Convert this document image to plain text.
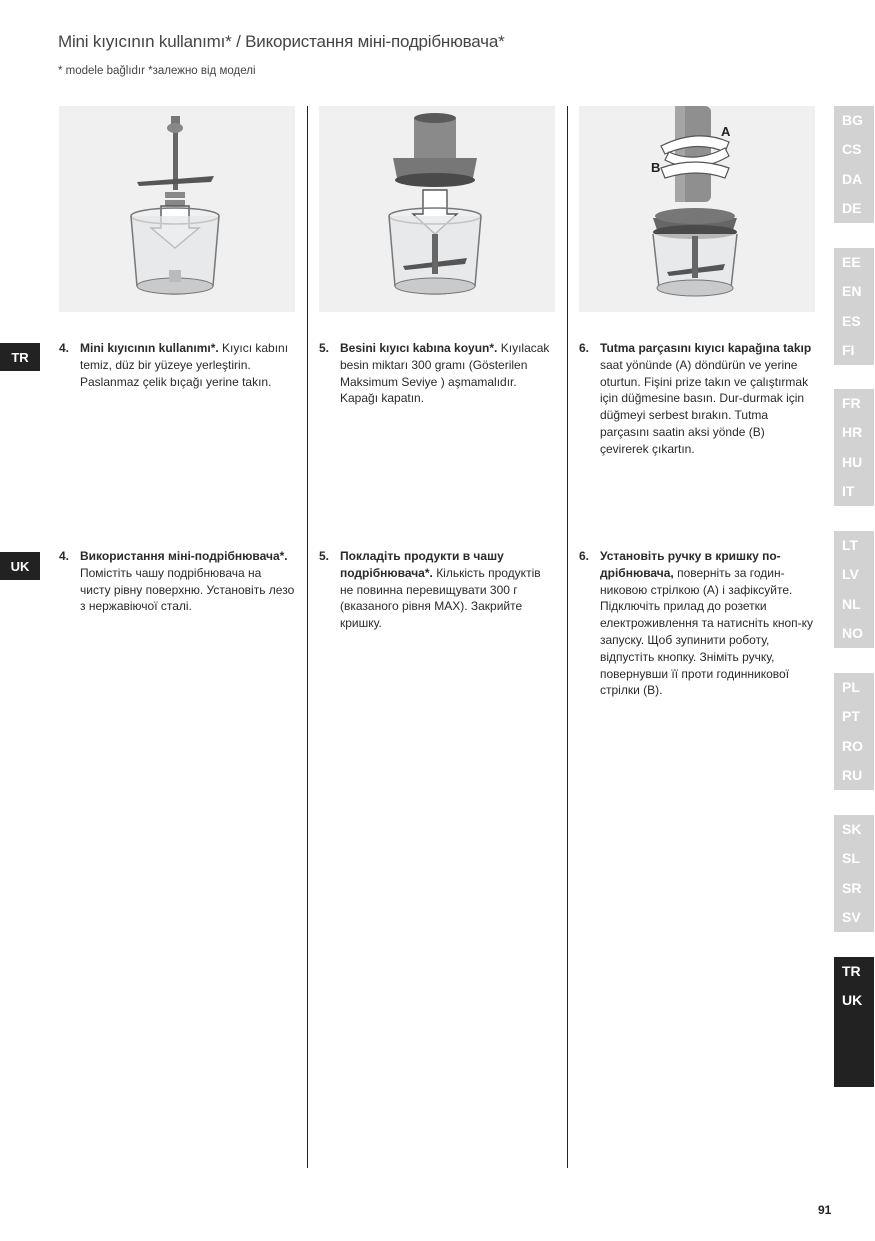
Mini kıyıcının kullanımı* / Використання міні-подрібнювача*
* modele bağlıdır *залежно від моделі
A
B
TR
UK
4. Mini kıyıcının kullanımı*. Kıyıcı kabını temiz, düz bir yüzeye yerleştirin. Paslanmaz çelik bıçağı yerine takın.
5. Besini kıyıcı kabına koyun*. Kıyılacak besin miktarı 300 gramı (Gösterilen Maksimum Seviye ) aşmamalıdır. Kapağı kapatın.
6. Tutma parçasını kıyıcı kapağına takıp saat yönünde (A) döndürün ve yerine oturtun. Fişini prize takın ve çalıştırmak için düğmesine basın. Dur-durmak için düğmeyi serbest bırakın. Tutma parçasını saatin aksi yönde (B) çevirerek çıkartın.
4. Використання міні-подрібнювача*. Помістіть чашу подрібнювача на чисту рівну поверхню. Установіть лезо з нержавіючої сталі.
5. Покладіть продукти в чашу подрібнювача*. Кількість продуктів не повинна перевищувати 300 г (вказаного рівня MAX). Закрийте кришку.
6. Установіть ручку в кришку по-дрібнювача, поверніть за годин-никовою стрілкою (A) і зафіксуйте. Підключіть прилад до розетки електроживлення та натисніть кноп-ку запуску. Щоб зупинити роботу, відпустіть кнопку. Зніміть ручку, повернувши її проти годинникової стрілки (B).
BG
CS
DA
DE
EE
EN
ES
FI
FR
HR
HU
IT
LT
LV
NL
NO
PL
PT
RO
RU
SK
SL
SR
SV
TR
UK
91
